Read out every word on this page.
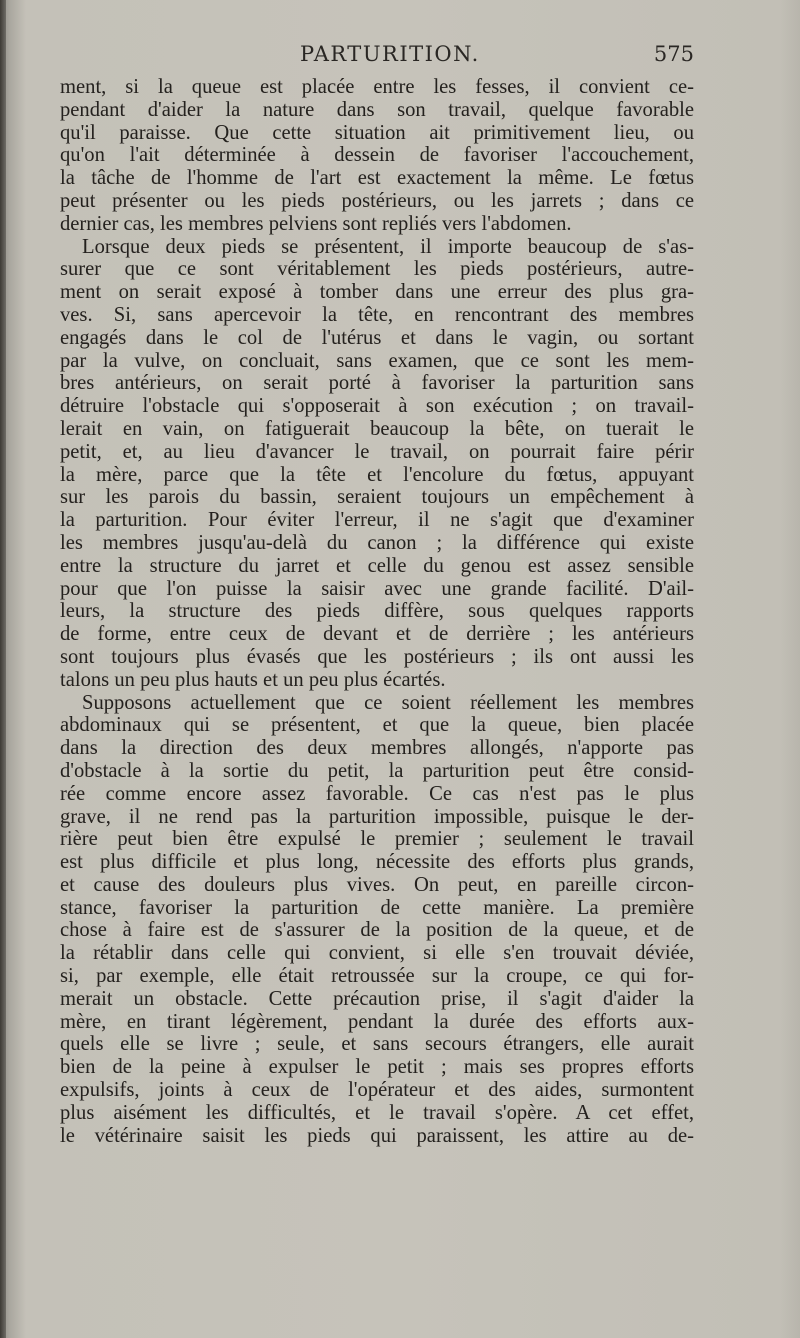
PARTURITION.	575
ment, si la queue est placée entre les fesses, il convient ce-
pendant d'aider la nature dans son travail, quelque favorable
qu'il paraisse. Que cette situation ait primitivement lieu, ou
qu'on l'ait déterminée à dessein de favoriser l'accouchement,
la tâche de l'homme de l'art est exactement la même. Le fœtus
peut présenter ou les pieds postérieurs, ou les jarrets ; dans ce
dernier cas, les membres pelviens sont repliés vers l'abdomen.
Lorsque deux pieds se présentent, il importe beaucoup de s'as-
surer que ce sont véritablement les pieds postérieurs, autre-
ment on serait exposé à tomber dans une erreur des plus gra-
ves. Si, sans apercevoir la tête, en rencontrant des membres
engagés dans le col de l'utérus et dans le vagin, ou sortant
par la vulve, on concluait, sans examen, que ce sont les mem-
bres antérieurs, on serait porté à favoriser la parturition sans
détruire l'obstacle qui s'opposerait à son exécution ; on travail-
lerait en vain, on fatiguerait beaucoup la bête, on tuerait le
petit, et, au lieu d'avancer le travail, on pourrait faire périr
la mère, parce que la tête et l'encolure du fœtus, appuyant
sur les parois du bassin, seraient toujours un empêchement à
la parturition. Pour éviter l'erreur, il ne s'agit que d'examiner
les membres jusqu'au-delà du canon ; la différence qui existe
entre la structure du jarret et celle du genou est assez sensible
pour que l'on puisse la saisir avec une grande facilité. D'ail-
leurs, la structure des pieds diffère, sous quelques rapports
de forme, entre ceux de devant et de derrière ; les antérieurs
sont toujours plus évasés que les postérieurs ; ils ont aussi les
talons un peu plus hauts et un peu plus écartés.
Supposons actuellement que ce soient réellement les membres
abdominaux qui se présentent, et que la queue, bien placée
dans la direction des deux membres allongés, n'apporte pas
d'obstacle à la sortie du petit, la parturition peut être consid-
rée comme encore assez favorable. Ce cas n'est pas le plus
grave, il ne rend pas la parturition impossible, puisque le der-
rière peut bien être expulsé le premier ; seulement le travail
est plus difficile et plus long, nécessite des efforts plus grands,
et cause des douleurs plus vives. On peut, en pareille circon-
stance, favoriser la parturition de cette manière. La première
chose à faire est de s'assurer de la position de la queue, et de
la rétablir dans celle qui convient, si elle s'en trouvait déviée,
si, par exemple, elle était retroussée sur la croupe, ce qui for-
merait un obstacle. Cette précaution prise, il s'agit d'aider la
mère, en tirant légèrement, pendant la durée des efforts aux-
quels elle se livre ; seule, et sans secours étrangers, elle aurait
bien de la peine à expulser le petit ; mais ses propres efforts
expulsifs, joints à ceux de l'opérateur et des aides, surmontent
plus aisément les difficultés, et le travail s'opère. A cet effet,
le vétérinaire saisit les pieds qui paraissent, les attire au de-
